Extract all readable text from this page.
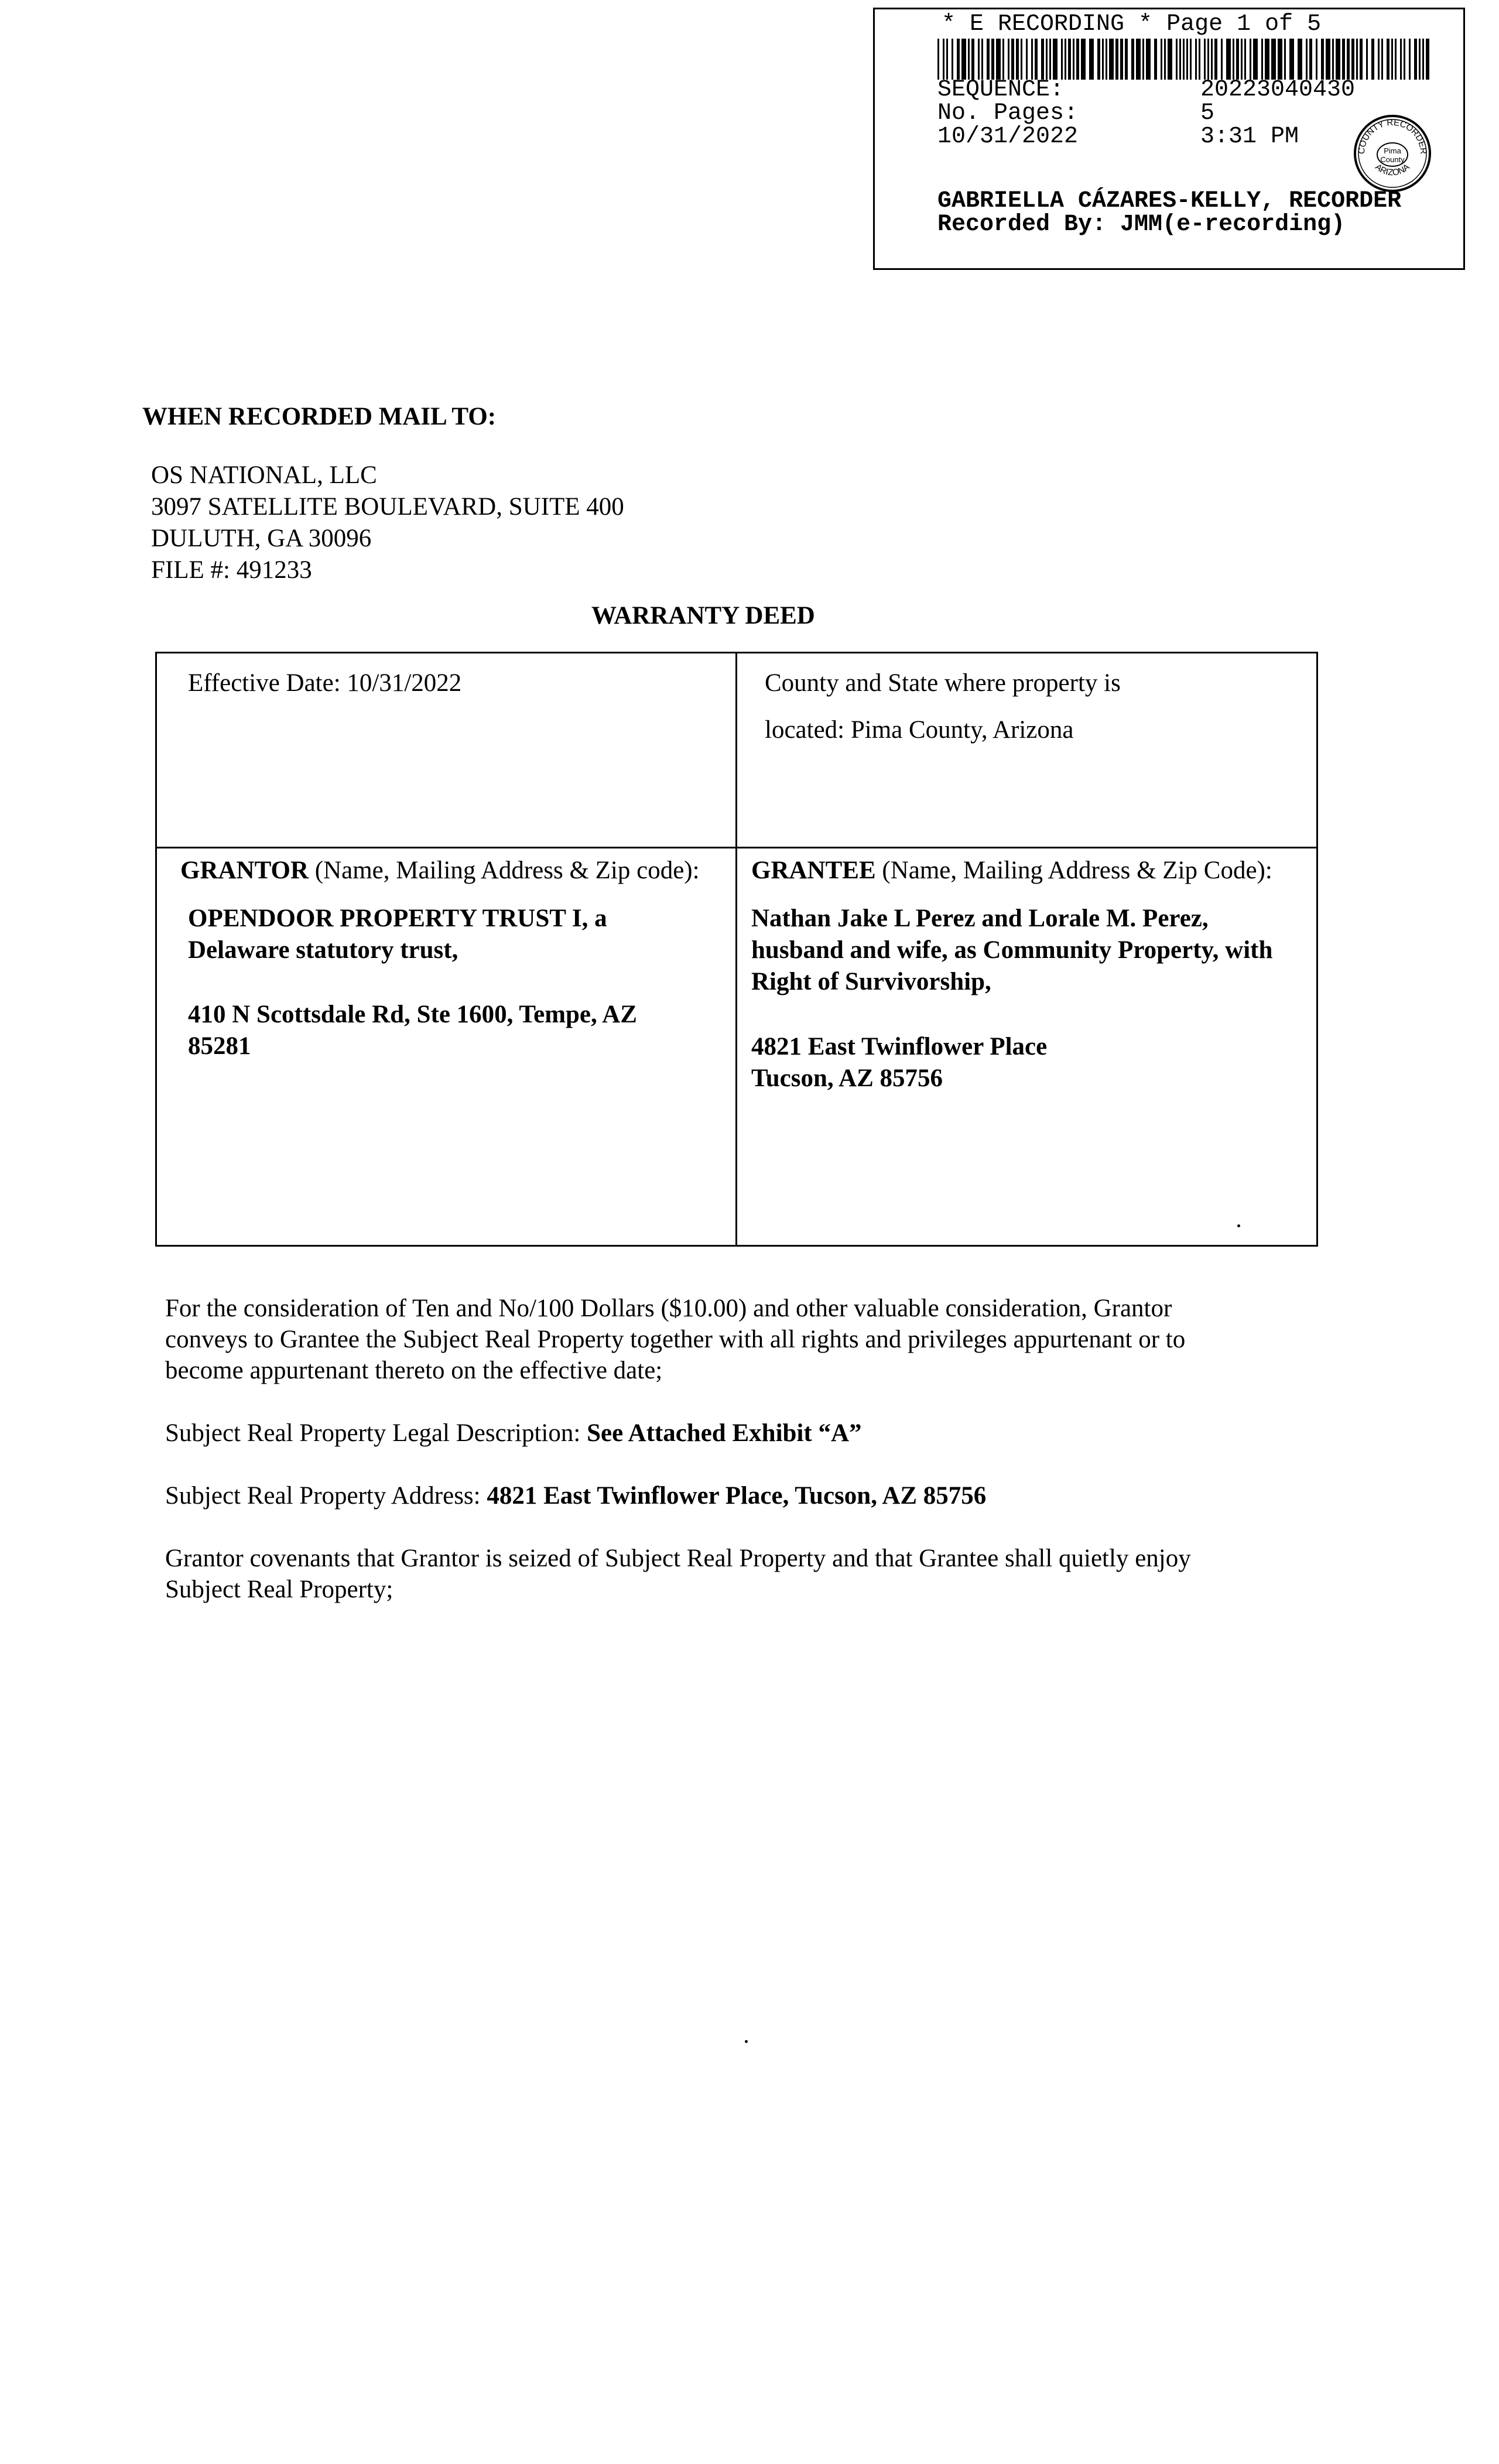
* E RECORDING * Page 1 of 5
SEQUENCE:	20223040430
No. Pages:	5
10/31/2022	3:31 PM
COUNTY RECORDER
ARIZONA
Pima
County
GABRIELLA CÁZARES-KELLY, RECORDER
Recorded By: JMM(e-recording)
WHEN RECORDED MAIL TO:
OS NATIONAL, LLC
3097 SATELLITE BOULEVARD, SUITE 400
DULUTH, GA 30096
FILE #: 491233
WARRANTY DEED
Effective Date: 10/31/2022	County and State where property is
located: Pima County, Arizona
GRANTOR (Name, Mailing Address & Zip code):
OPENDOOR PROPERTY TRUST I, a
Delaware statutory trust,
410 N Scottsdale Rd, Ste 1600, Tempe, AZ
85281
GRANTEE (Name, Mailing Address & Zip Code):
Nathan Jake L Perez and Lorale M. Perez,
husband and wife, as Community Property, with
Right of Survivorship,
4821 East Twinflower Place
Tucson, AZ 85756
For the consideration of Ten and No/100 Dollars ($10.00) and other valuable consideration, Grantor
conveys to Grantee the Subject Real Property together with all rights and privileges appurtenant or to
become appurtenant thereto on the effective date;
Subject Real Property Legal Description: See Attached Exhibit “A”
Subject Real Property Address: 4821 East Twinflower Place, Tucson, AZ 85756
Grantor covenants that Grantor is seized of Subject Real Property and that Grantee shall quietly enjoy
Subject Real Property;
